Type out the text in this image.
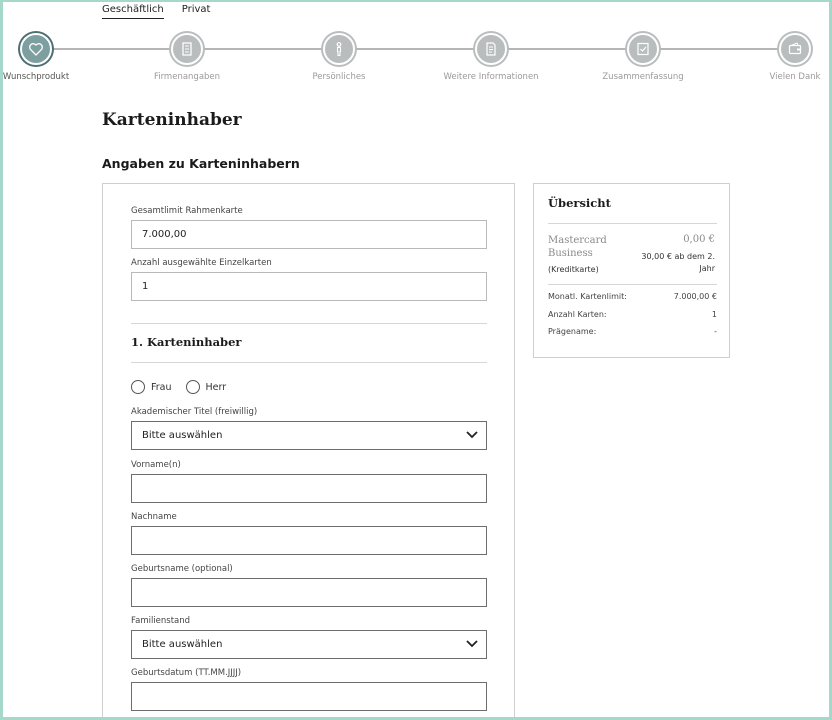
Geschäftlich Privat
Wunschprodukt	Firmenangaben	Persönliches	Weitere Informationen	Zusammenfassung	Vielen Dank
Karteninhaber
Angaben zu Karteninhabern
Gesamtlimit Rahmenkarte
7.000,00
Anzahl ausgewählte Einzelkarten
1
1. Karteninhaber
Frau	Herr
Akademischer Titel (freiwillig)
Bitte auswählen
Vorname(n)
Nachname
Geburtsname (optional)
Familienstand
Bitte auswählen
Geburtsdatum (TT.MM.JJJJ)
Übersicht
Mastercard
Business
0,00 €
30,00 € ab dem 2.
Jahr
(Kreditkarte)
Monatl. Kartenlimit:	7.000,00 €
Anzahl Karten:	1
Prägename:	-
